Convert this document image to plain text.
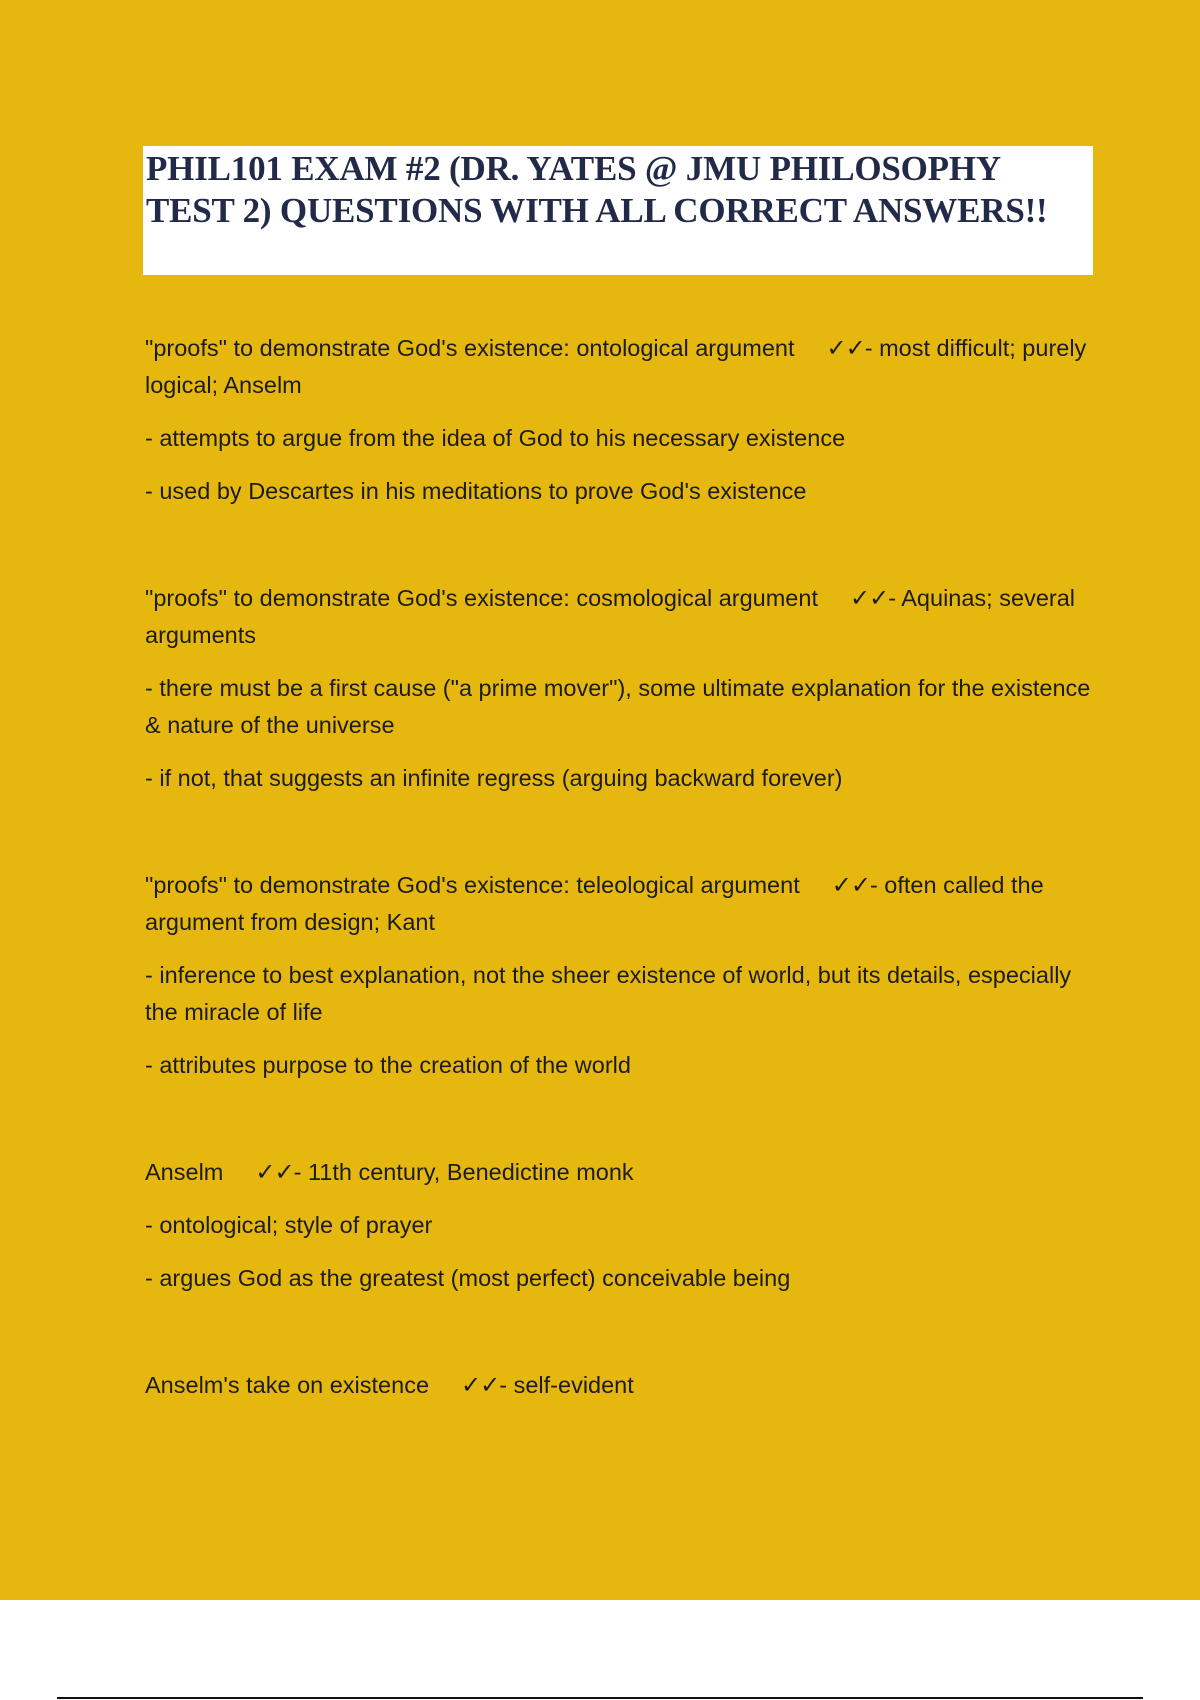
PHIL101 EXAM #2 (DR. YATES @ JMU PHILOSOPHY TEST 2) QUESTIONS WITH ALL CORRECT ANSWERS!!

"proofs" to demonstrate God's existence: ontological argument ✓✓- most difficult; purely logical; Anselm

- attempts to argue from the idea of God to his necessary existence

- used by Descartes in his meditations to prove God's existence

"proofs" to demonstrate God's existence: cosmological argument ✓✓- Aquinas; several arguments

- there must be a first cause ("a prime mover"), some ultimate explanation for the existence & nature of the universe

- if not, that suggests an infinite regress (arguing backward forever)

"proofs" to demonstrate God's existence: teleological argument ✓✓- often called the argument from design; Kant

- inference to best explanation, not the sheer existence of world, but its details, especially the miracle of life

- attributes purpose to the creation of the world

Anselm ✓✓- 11th century, Benedictine monk

- ontological; style of prayer

- argues God as the greatest (most perfect) conceivable being

Anselm's take on existence ✓✓- self-evident
